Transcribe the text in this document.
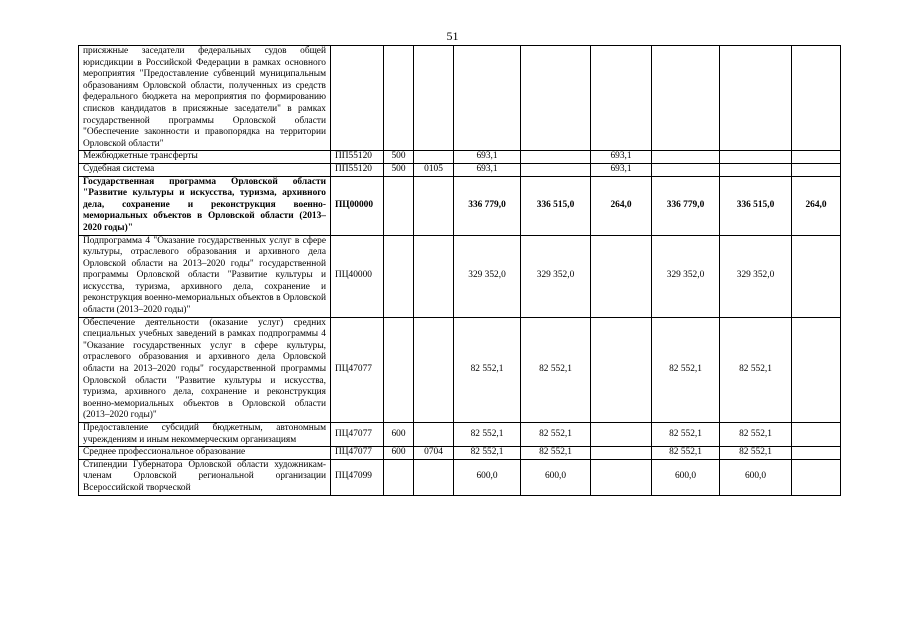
51
присяжные заседатели федеральных судов общей юрисдикции в Российской Федерации в рамках основного мероприятия "Предоставление субвенций муниципальным образованиям Орловской области, полученных из средств федерального бюджета на мероприятия по формированию списков кандидатов в присяжные заседатели" в рамках государственной программы Орловской области "Обеспечение законности и правопорядка на территории Орловской области"									
Межбюджетные трансферты	ПП55120	500		693,1		693,1			
Судебная система	ПП55120	500	0105	693,1		693,1			
Государственная программа Орловской области "Развитие культуры и искусства, туризма, архивного дела, сохранение и реконструкция военно-мемориальных объектов в Орловской области (2013–2020 годы)"	ПЦ00000			336 779,0	336 515,0	264,0	336 779,0	336 515,0	264,0
Подпрограмма 4 "Оказание государственных услуг в сфере культуры, отраслевого образования и архивного дела Орловской области на 2013–2020 годы" государственной программы Орловской области "Развитие культуры и искусства, туризма, архивного дела, сохранение и реконструкция военно-мемориальных объектов в Орловской области (2013–2020 годы)"	ПЦ40000			329 352,0	329 352,0		329 352,0	329 352,0	
Обеспечение деятельности (оказание услуг) средних специальных учебных заведений в рамках подпрограммы 4 "Оказание государственных услуг в сфере культуры, отраслевого образования и архивного дела Орловской области на 2013–2020 годы" государственной программы Орловской области "Развитие культуры и искусства, туризма, архивного дела, сохранение и реконструкция военно-мемориальных объектов в Орловской области (2013–2020 годы)"	ПЦ47077			82 552,1	82 552,1		82 552,1	82 552,1	
Предоставление субсидий бюджетным, автономным учреждениям и иным некоммерческим организациям	ПЦ47077	600		82 552,1	82 552,1		82 552,1	82 552,1	
Среднее профессиональное образование	ПЦ47077	600	0704	82 552,1	82 552,1		82 552,1	82 552,1	
Стипендии Губернатора Орловской области художникам-членам Орловской региональной организации Всероссийской творческой	ПЦ47099			600,0	600,0		600,0	600,0	
